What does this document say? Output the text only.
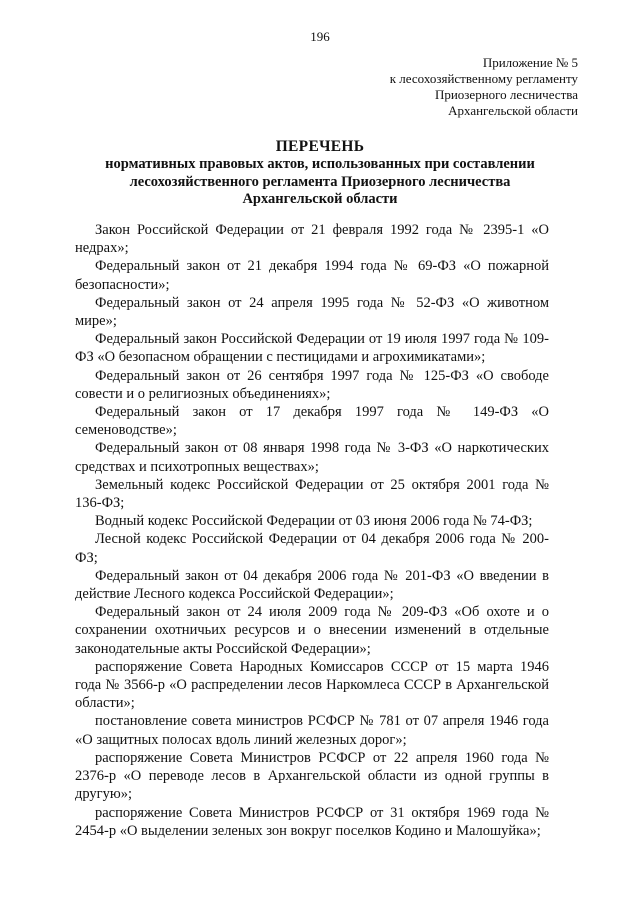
196
Приложение № 5
к лесохозяйственному регламенту
Приозерного лесничества
Архангельской области
ПЕРЕЧЕНЬ
нормативных правовых актов, использованных при составлении
лесохозяйственного регламента Приозерного лесничества
Архангельской области

Закон Российской Федерации от 21 февраля 1992 года № 2395-1 «О недрах»;

Федеральный закон от 21 декабря 1994 года № 69-ФЗ «О пожарной безопасности»;

Федеральный закон от 24 апреля 1995 года № 52-ФЗ «О животном мире»;

Федеральный закон Российской Федерации от 19 июля 1997 года № 109-ФЗ «О безопасном обращении с пестицидами и агрохимикатами»;

Федеральный закон от 26 сентября 1997 года № 125-ФЗ «О свободе совести и о религиозных объединениях»;

Федеральный закон от 17 декабря 1997 года № 149-ФЗ «О семеноводстве»;

Федеральный закон от 08 января 1998 года № 3-ФЗ «О наркотических средствах и психотропных веществах»;

Земельный кодекс Российской Федерации от 25 октября 2001 года № 136-ФЗ;

Водный кодекс Российской Федерации от 03 июня 2006 года № 74-ФЗ;

Лесной кодекс Российской Федерации от 04 декабря 2006 года № 200-ФЗ;

Федеральный закон от 04 декабря 2006 года № 201-ФЗ «О введении в действие Лесного кодекса Российской Федерации»;

Федеральный закон от 24 июля 2009 года № 209-ФЗ «Об охоте и о сохранении охотничьих ресурсов и о внесении изменений в отдельные законодательные акты Российской Федерации»;

распоряжение Совета Народных Комиссаров СССР от 15 марта 1946 года № 3566-р «О распределении лесов Наркомлеса СССР в Архангельской области»;

постановление совета министров РСФСР № 781 от 07 апреля 1946 года «О защитных полосах вдоль линий железных дорог»;

распоряжение Совета Министров РСФСР от 22 апреля 1960 года № 2376-р «О переводе лесов в Архангельской области из одной группы в другую»;

распоряжение Совета Министров РСФСР от 31 октября 1969 года № 2454-р «О выделении зеленых зон вокруг поселков Кодино и Малошуйка»;
